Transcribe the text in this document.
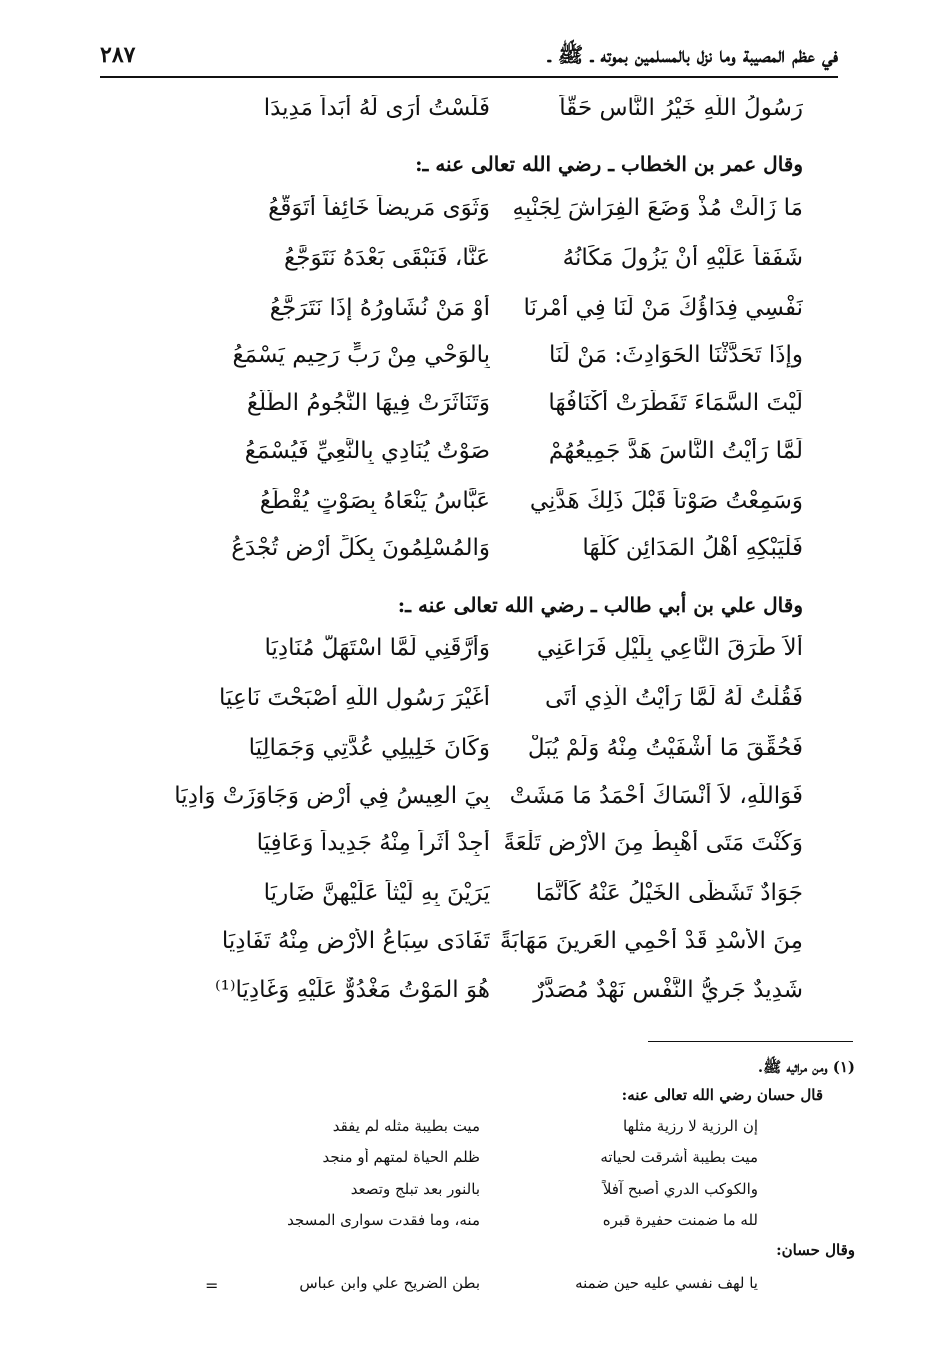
في عظم المصيبة وما نزل بالمسلمين بموته ـ ﷺ ـ
٢٨٧
رَسُولُ اللَّهِ خَيْرُ النَّاسِ حَقّاً
فَلَسْتُ أَرَى لَهُ أَبَداً مَدِيدَا
وقال عمر بن الخطاب ـ رضي الله تعالى عنه ـ:
مَا زَالَتْ مُذْ وَضَعَ الفِرَاشَ لِجَنْبِهِ
وَثَوَى مَرِيضاً خَائِفاً أَتَوَقَّعُ
شَفَقاً عَلَيْهِ أَنْ يَزُولَ مَكَانُهُ
عَنَّا، فَنَبْقَى بَعْدَهُ نَتَوَجَّعُ
نَفْسِي فِدَاؤُكَ مَنْ لَنَا فِي أَمْرِنَا
أَوْ مَنْ نُشَاوِرُهُ إِذَا نَتَرَجَّعُ
وإِذَا تَحَدَّثْنَا الحَوَادِثَ: مَنْ لَنَا
بِالوَحْيِ مِنْ رَبٍّ رَحِيمٍ يَسْمَعُ
لَيْتَ السَّمَاءَ تَفَطَّرَتْ أَكْنَافُهَا
وَتَنَاثَرَتْ فِيهَا النُّجُومُ الطُّلَّعُ
لَمَّا رَأَيْتُ النَّاسَ هَدَّ جَمِيعُهُمْ
صَوْتٌ يُنَادِي بِالنَّعِيِّ فَيُسْمَعُ
وَسَمِعْتُ صَوْتاً قَبْلَ ذَلِكَ هَدَّنِي
عَبَّاسُ يَنْعَاهُ بِصَوْتٍ يُقْطَعُ
فَلْيَبْكِهِ أَهْلُ المَدَائِنِ كُلُّهَا
وَالمُسْلِمُونَ بِكُلِّ أَرْضٍ تُجْدَعُ
وقال علي بن أبي طالب ـ رضي الله تعالى عنه ـ:
أَلاَ طَرَقَ النَّاعِي بِلَيْلٍ فَرَاعَنِي
وَأَرَّقَنِي لَمَّا اسْتَهَلَّ مُنَادِيَا
فَقُلْتُ لَهُ لَمَّا رَأَيْتُ الَّذِي أَتَى
أَغَيْرَ رَسُولِ اللَّهِ أَصْبَحْتَ نَاعِيَا
فَحُقِّقَ مَا أَشْفَيْتُ مِنْهُ وَلَمْ يُبَلْ
وَكَانَ خَلِيلِي عُدَّتِي وَجَمَالِيَا
فَوَاللَّهِ، لاَ أَنْسَاكَ أَحْمَدُ مَا مَشَتْ
بِيَ العِيسُ فِي أَرْضٍ وَجَاوَزَتْ وَادِيَا
وَكُنْتَ مَتَى أَهْبِطُ مِنَ الأَرْضِ تَلْعَةً
أَجِدْ أَثَراً مِنْهُ جَدِيداً وَعَافِيَا
جَوَادٌ تَشَظَّى الخَيْلُ عَنْهُ كَأَنَّمَا
يَرَيْنَ بِهِ لَيْثاً عَلَيْهِنَّ ضَارِيَا
مِنَ الأُسْدِ قَدْ أَحْمِي العَرِينَ مَهَابَةً
تَفَادَى سِبَاعُ الأَرْضِ مِنْهُ تَفَادِيَا
شَدِيدٌ جَرِيُّ النَّفْسِ نَهْدٌ مُصَدَّرٌ
هُوَ المَوْتُ مَغْدُوٌّ عَلَيْهِ وَغَادِيَا⁽¹⁾
(١) ومن مراثيه ﷺ.
قال حسان رضي الله تعالى عنه:
إن الرزية لا رزية مثلها
ميت بطيبة مثله لم يفقد
ميت بطيبة أشرقت لحياته
ظلم الحياة لمتهم أو منجد
والكوكب الدري أصبح آفلاً
بالنور بعد تبلج وتصعد
لله ما ضمنت حفيرة قبره
منه، وما فقدت سوارى المسجد
وقال حسان:
يا لهف نفسي عليه حين ضمنه
بطن الضريح علي وابن عباس
=
